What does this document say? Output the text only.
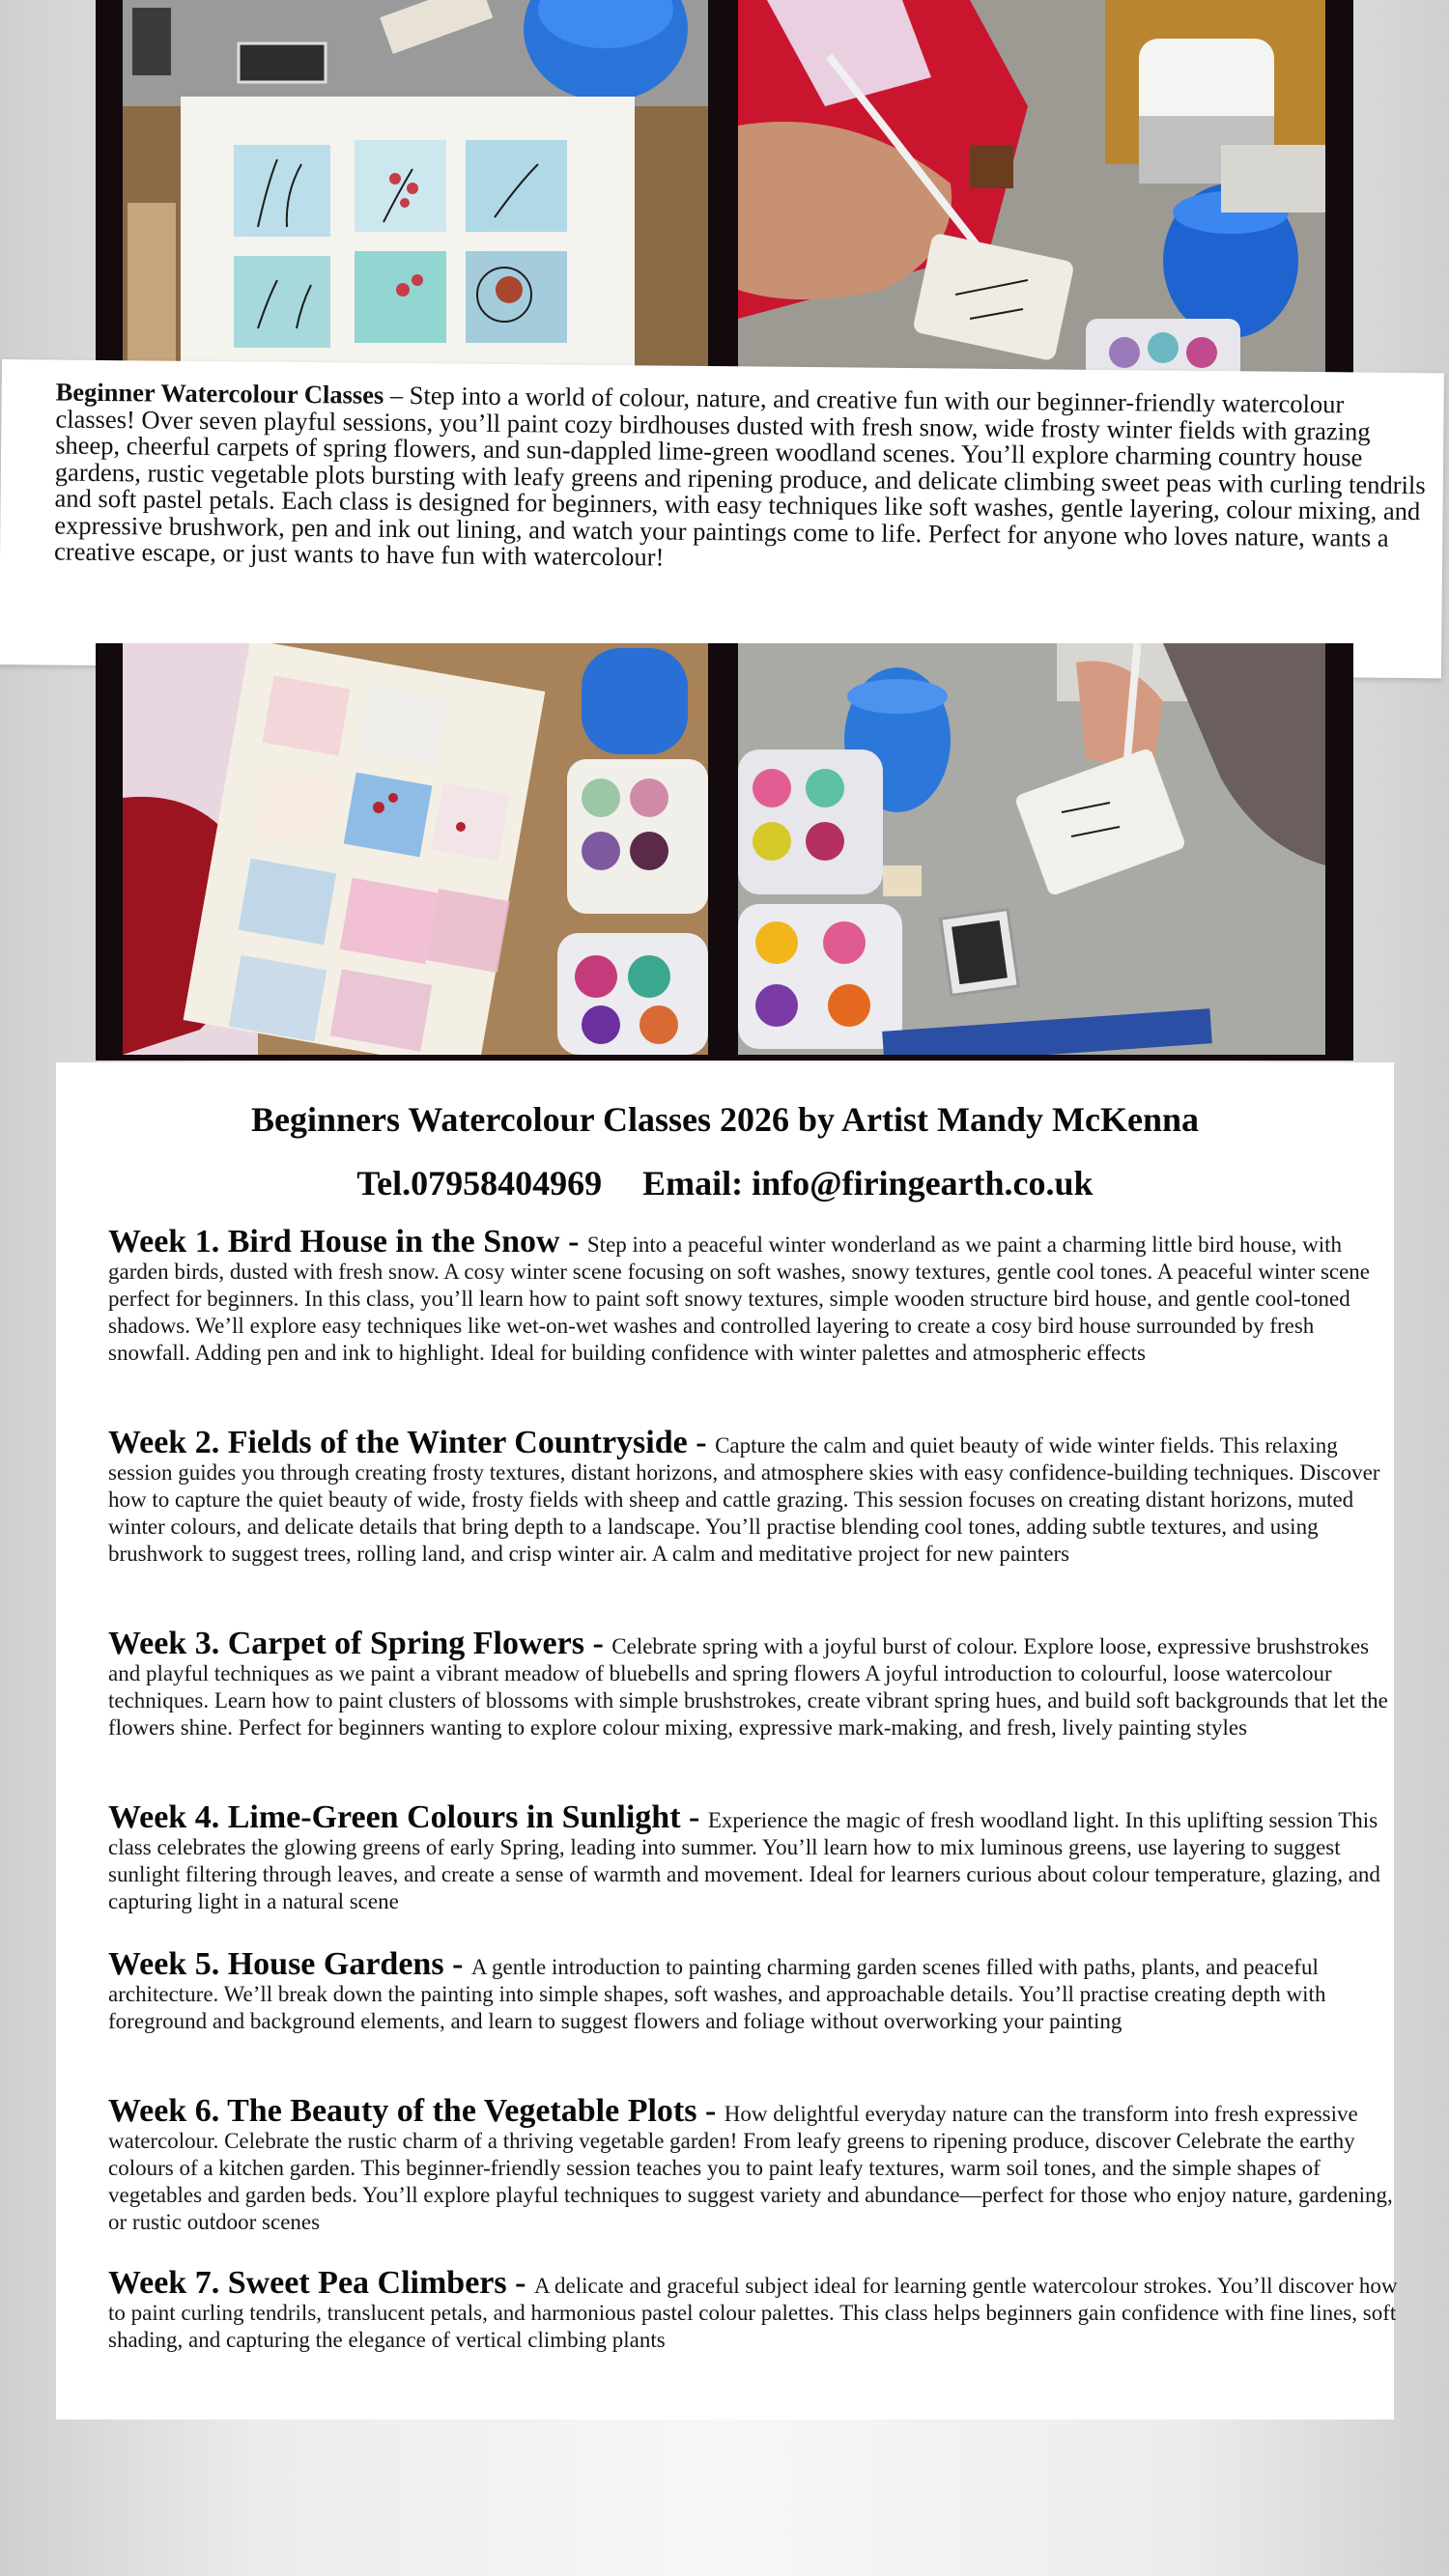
Beginner Watercolour Classes – Step into a world of colour, nature, and creative fun with our beginner-friendly watercolour classes! Over seven playful sessions, you’ll paint cozy birdhouses dusted with fresh snow, wide frosty winter fields with grazing sheep, cheerful carpets of spring flowers, and sun-dappled lime-green woodland scenes. You’ll explore charming country house gardens, rustic vegetable plots bursting with leafy greens and ripening produce, and delicate climbing sweet peas with curling tendrils and soft pastel petals. Each class is designed for beginners, with easy techniques like soft washes, gentle layering, colour mixing, and expressive brushwork, pen and ink out lining, and watch your paintings come to life. Perfect for anyone who loves nature, wants a creative escape, or just wants to have fun with watercolour!
Beginners Watercolour Classes 2026 by Artist Mandy McKenna
Tel.07958404969 Email: info@firingearth.co.uk
Week 1. Bird House in the Snow - Step into a peaceful winter wonderland as we paint a charming little bird house, with garden birds, dusted with fresh snow. A cosy winter scene focusing on soft washes, snowy textures, gentle cool tones. A peaceful winter scene perfect for beginners. In this class, you’ll learn how to paint soft snowy textures, simple wooden structure bird house, and gentle cool-toned shadows. We’ll explore easy techniques like wet-on-wet washes and controlled layering to create a cosy bird house surrounded by fresh snowfall. Adding pen and ink to highlight. Ideal for building confidence with winter palettes and atmospheric effects
Week 2. Fields of the Winter Countryside - Capture the calm and quiet beauty of wide winter fields. This relaxing session guides you through creating frosty textures, distant horizons, and atmosphere skies with easy confidence-building techniques. Discover how to capture the quiet beauty of wide, frosty fields with sheep and cattle grazing. This session focuses on creating distant horizons, muted winter colours, and delicate details that bring depth to a landscape. You’ll practise blending cool tones, adding subtle textures, and using brushwork to suggest trees, rolling land, and crisp winter air. A calm and meditative project for new painters
Week 3. Carpet of Spring Flowers - Celebrate spring with a joyful burst of colour. Explore loose, expressive brushstrokes and playful techniques as we paint a vibrant meadow of bluebells and spring flowers A joyful introduction to colourful, loose watercolour techniques. Learn how to paint clusters of blossoms with simple brushstrokes, create vibrant spring hues, and build soft backgrounds that let the flowers shine. Perfect for beginners wanting to explore colour mixing, expressive mark-making, and fresh, lively painting styles
Week 4. Lime-Green Colours in Sunlight - Experience the magic of fresh woodland light. In this uplifting session This class celebrates the glowing greens of early Spring, leading into summer. You’ll learn how to mix luminous greens, use layering to suggest sunlight filtering through leaves, and create a sense of warmth and movement. Ideal for learners curious about colour temperature, glazing, and capturing light in a natural scene
Week 5. House Gardens - A gentle introduction to painting charming garden scenes filled with paths, plants, and peaceful architecture. We’ll break down the painting into simple shapes, soft washes, and approachable details. You’ll practise creating depth with foreground and background elements, and learn to suggest flowers and foliage without overworking your painting
Week 6. The Beauty of the Vegetable Plots - How delightful everyday nature can the transform into fresh expressive watercolour. Celebrate the rustic charm of a thriving vegetable garden! From leafy greens to ripening produce, discover Celebrate the earthy colours of a kitchen garden. This beginner-friendly session teaches you to paint leafy textures, warm soil tones, and the simple shapes of vegetables and garden beds. You’ll explore playful techniques to suggest variety and abundance—perfect for those who enjoy nature, gardening, or rustic outdoor scenes
Week 7. Sweet Pea Climbers - A delicate and graceful subject ideal for learning gentle watercolour strokes. You’ll discover how to paint curling tendrils, translucent petals, and harmonious pastel colour palettes. This class helps beginners gain confidence with fine lines, soft shading, and capturing the elegance of vertical climbing plants
